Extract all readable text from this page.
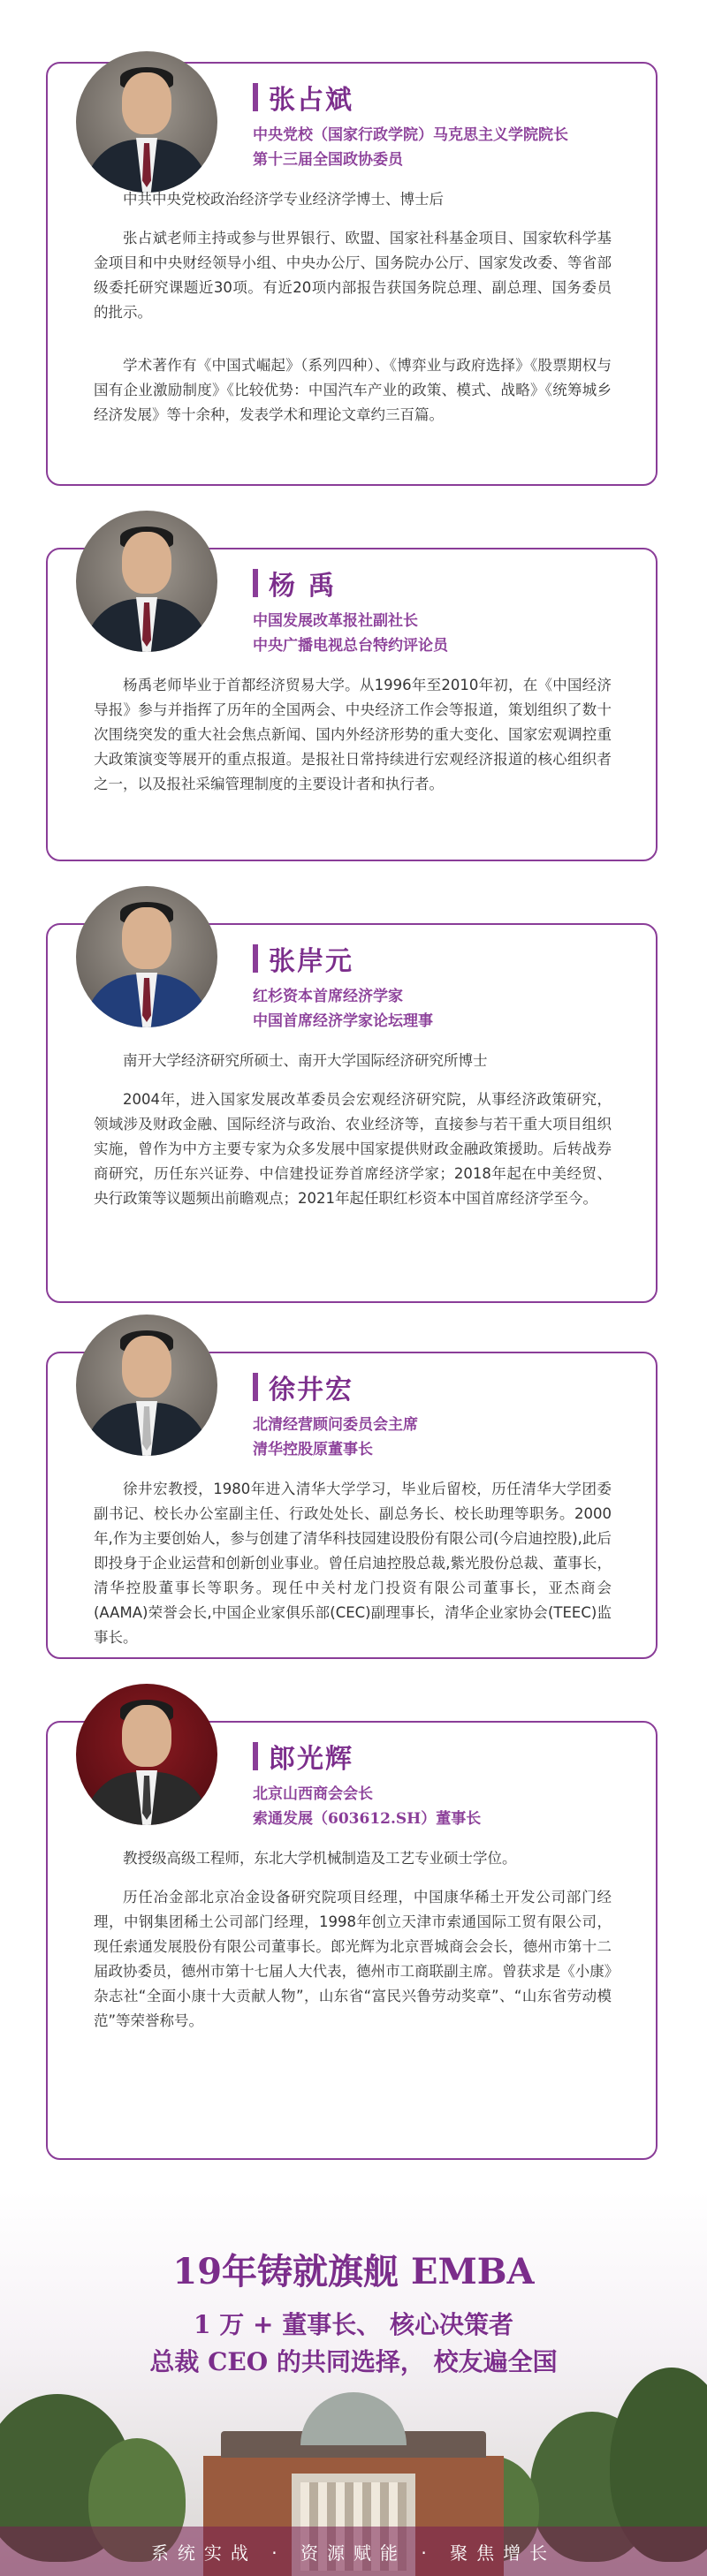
张占斌
中央党校（国家行政学院）马克思主义学院院长
第十三届全国政协委员

中共中央党校政治经济学专业经济学博士、博士后

张占斌老师主持或参与世界银行、欧盟、国家社科基金项目、国家软科学基金项目和中央财经领导小组、中央办公厅、国务院办公厅、国家发改委、等省部级委托研究课题近30项。有近20项内部报告获国务院总理、副总理、国务委员的批示。

学术著作有《中国式崛起》（系列四种）、《博弈业与政府选择》《股票期权与国有企业激励制度》《比较优势：中国汽车产业的政策、模式、战略》《统筹城乡经济发展》等十余种，发表学术和理论文章约三百篇。

杨 禹
中国发展改革报社副社长
中央广播电视总台特约评论员

杨禹老师毕业于首都经济贸易大学。从1996年至2010年初，在《中国经济导报》参与并指挥了历年的全国两会、中央经济工作会等报道，策划组织了数十次围绕突发的重大社会焦点新闻、国内外经济形势的重大变化、国家宏观调控重大政策演变等展开的重点报道。是报社日常持续进行宏观经济报道的核心组织者之一，以及报社采编管理制度的主要设计者和执行者。

张岸元
红杉资本首席经济学家
中国首席经济学家论坛理事

南开大学经济研究所硕士、南开大学国际经济研究所博士

2004年，进入国家发展改革委员会宏观经济研究院，从事经济政策研究，领域涉及财政金融、国际经济与政治、农业经济等，直接参与若干重大项目组织实施，曾作为中方主要专家为众多发展中国家提供财政金融政策援助。后转战券商研究，历任东兴证券、中信建投证券首席经济学家；2018年起在中美经贸、央行政策等议题频出前瞻观点；2021年起任职红杉资本中国首席经济学至今。

徐井宏
北清经营顾问委员会主席
清华控股原董事长

徐井宏教授，1980年进入清华大学学习，毕业后留校，历任清华大学团委副书记、校长办公室副主任、行政处处长、副总务长、校长助理等职务。2000年,作为主要创始人，参与创建了清华科技园建设股份有限公司(今启迪控股),此后即投身于企业运营和创新创业事业。曾任启迪控股总裁,紫光股份总裁、董事长，清华控股董事长等职务。现任中关村龙门投资有限公司董事长，亚杰商会(AAMA)荣誉会长,中国企业家俱乐部(CEC)副理事长，清华企业家协会(TEEC)监事长。

郎光辉
北京山西商会会长
索通发展（603612.SH）董事长

教授级高级工程师，东北大学机械制造及工艺专业硕士学位。

历任冶金部北京冶金设备研究院项目经理，中国康华稀土开发公司部门经理，中钢集团稀土公司部门经理，1998年创立天津市索通国际工贸有限公司，现任索通发展股份有限公司董事长。郎光辉为北京晋城商会会长，德州市第十二届政协委员，德州市第十七届人大代表，德州市工商联副主席。曾获求是《小康》杂志社“全面小康十大贡献人物”，山东省“富民兴鲁劳动奖章”、“山东省劳动模范”等荣誉称号。

19年铸就旗舰 EMBA
1 万 + 董事长、 核心决策者
总裁 CEO 的共同选择， 校友遍全国
系统实战 · 资源赋能 · 聚焦增长
